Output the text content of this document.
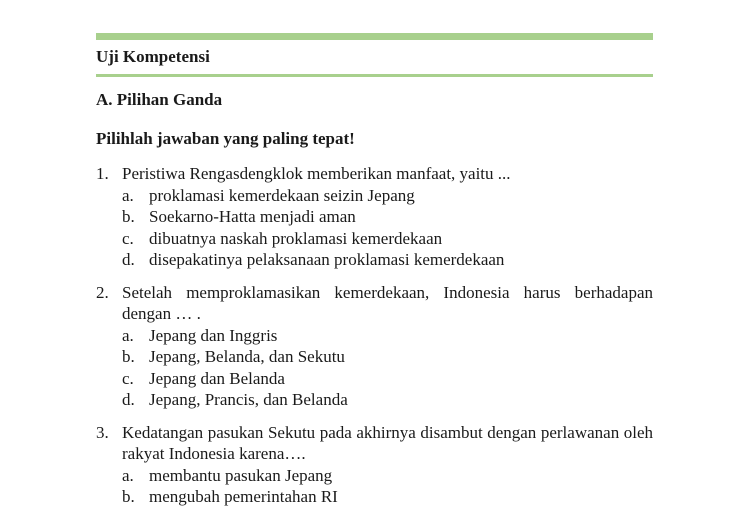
Uji Kompetensi
A. Pilihan Ganda
Pilihlah jawaban yang paling tepat!
1. Peristiwa Rengasdengklok memberikan manfaat, yaitu ...
a. proklamasi kemerdekaan seizin Jepang
b. Soekarno-Hatta menjadi aman
c. dibuatnya naskah proklamasi kemerdekaan
d. disepakatinya pelaksanaan proklamasi kemerdekaan
2. Setelah memproklamasikan kemerdekaan, Indonesia harus berhadapan dengan … .
a. Jepang dan Inggris
b. Jepang, Belanda, dan Sekutu
c. Jepang dan Belanda
d. Jepang, Prancis, dan Belanda
3. Kedatangan pasukan Sekutu pada akhirnya disambut dengan perlawanan oleh rakyat Indonesia karena….
a. membantu pasukan Jepang
b. mengubah pemerintahan RI
